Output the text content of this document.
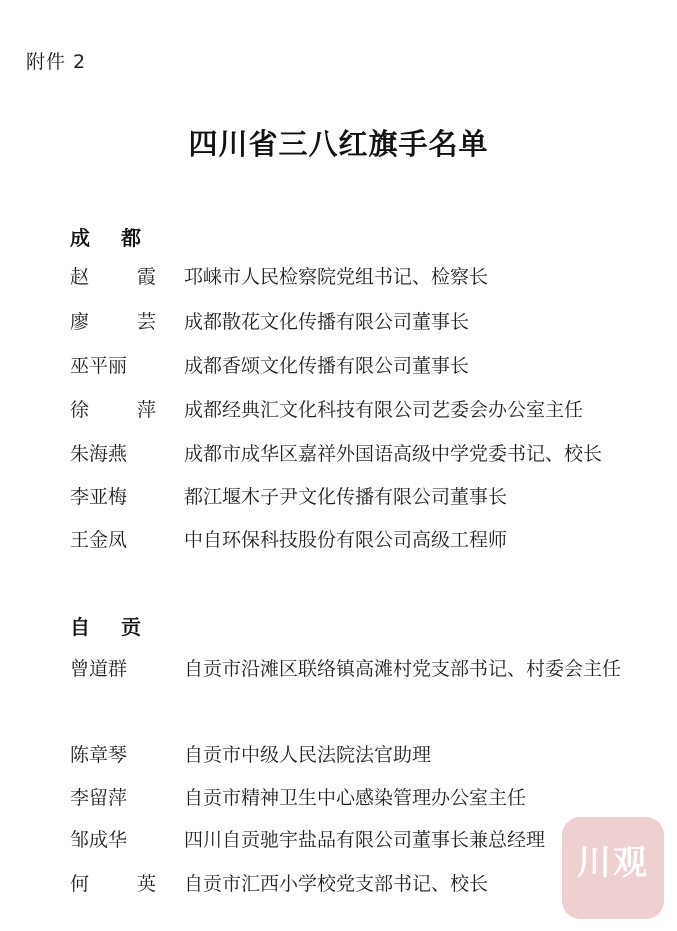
附件 2
四川省三八红旗手名单
成 都
赵 霞 邛崃市人民检察院党组书记、检察长
廖 芸 成都散花文化传播有限公司董事长
巫平丽	成都香颂文化传播有限公司董事长
徐 萍 成都经典汇文化科技有限公司艺委会办公室主任
朱海燕	成都市成华区嘉祥外国语高级中学党委书记、校长
李亚梅	都江堰木子尹文化传播有限公司董事长
王金凤	中自环保科技股份有限公司高级工程师
自 贡
曾道群	自贡市沿滩区联络镇高滩村党支部书记、村委会主任
陈章琴	自贡市中级人民法院法官助理
李留萍	自贡市精神卫生中心感染管理办公室主任
邹成华	四川自贡驰宇盐品有限公司董事长兼总经理
何 英 自贡市汇西小学校党支部书记、校长
川观
